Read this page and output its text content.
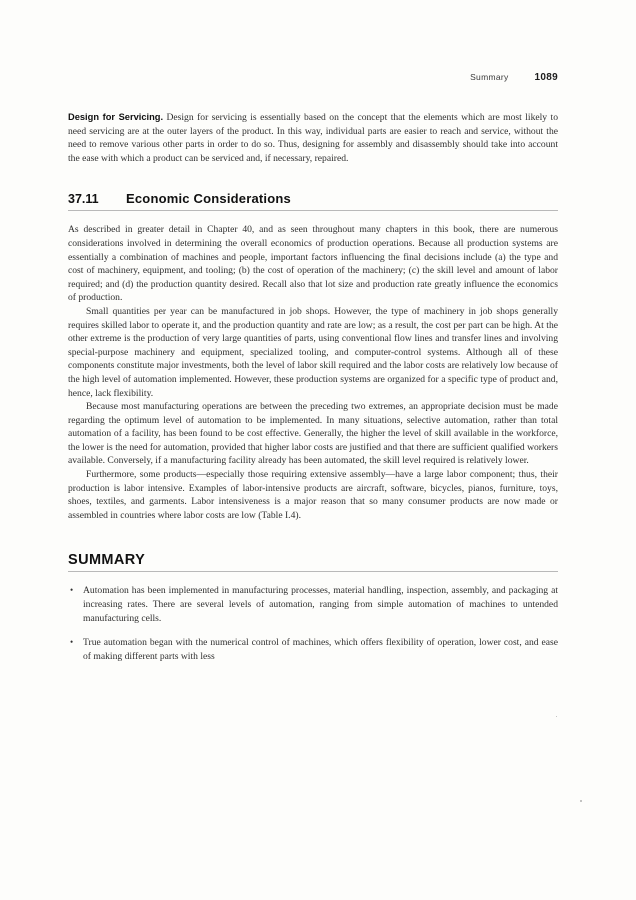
Summary	1089

Design for Servicing. Design for servicing is essentially based on the concept that the elements which are most likely to need servicing are at the outer layers of the product. In this way, individual parts are easier to reach and service, without the need to remove various other parts in order to do so. Thus, designing for assembly and disassembly should take into account the ease with which a product can be serviced and, if necessary, repaired.

37.11	Economic Considerations

As described in greater detail in Chapter 40, and as seen throughout many chapters in this book, there are numerous considerations involved in determining the overall economics of production operations. Because all production systems are essentially a combination of machines and people, important factors influencing the final decisions include (a) the type and cost of machinery, equipment, and tooling; (b) the cost of operation of the machinery; (c) the skill level and amount of labor required; and (d) the production quantity desired. Recall also that lot size and production rate greatly influence the economics of production.

Small quantities per year can be manufactured in job shops. However, the type of machinery in job shops generally requires skilled labor to operate it, and the production quantity and rate are low; as a result, the cost per part can be high. At the other extreme is the production of very large quantities of parts, using conventional flow lines and transfer lines and involving special-purpose machinery and equipment, specialized tooling, and computer-control systems. Although all of these components constitute major investments, both the level of labor skill required and the labor costs are relatively low because of the high level of automation implemented. However, these production systems are organized for a specific type of product and, hence, lack flexibility.

Because most manufacturing operations are between the preceding two extremes, an appropriate decision must be made regarding the optimum level of automation to be implemented. In many situations, selective automation, rather than total automation of a facility, has been found to be cost effective. Generally, the higher the level of skill available in the workforce, the lower is the need for automation, provided that higher labor costs are justified and that there are sufficient qualified workers available. Conversely, if a manufacturing facility already has been automated, the skill level required is relatively lower.

Furthermore, some products—especially those requiring extensive assembly—have a large labor component; thus, their production is labor intensive. Examples of labor-intensive products are aircraft, software, bicycles, pianos, furniture, toys, shoes, textiles, and garments. Labor intensiveness is a major reason that so many consumer products are now made or assembled in countries where labor costs are low (Table I.4).

SUMMARY
• Automation has been implemented in manufacturing processes, material handling, inspection, assembly, and packaging at increasing rates. There are several levels of automation, ranging from simple automation of machines to untended manufacturing cells.
• True automation began with the numerical control of machines, which offers flexibility of operation, lower cost, and ease of making different parts with less
